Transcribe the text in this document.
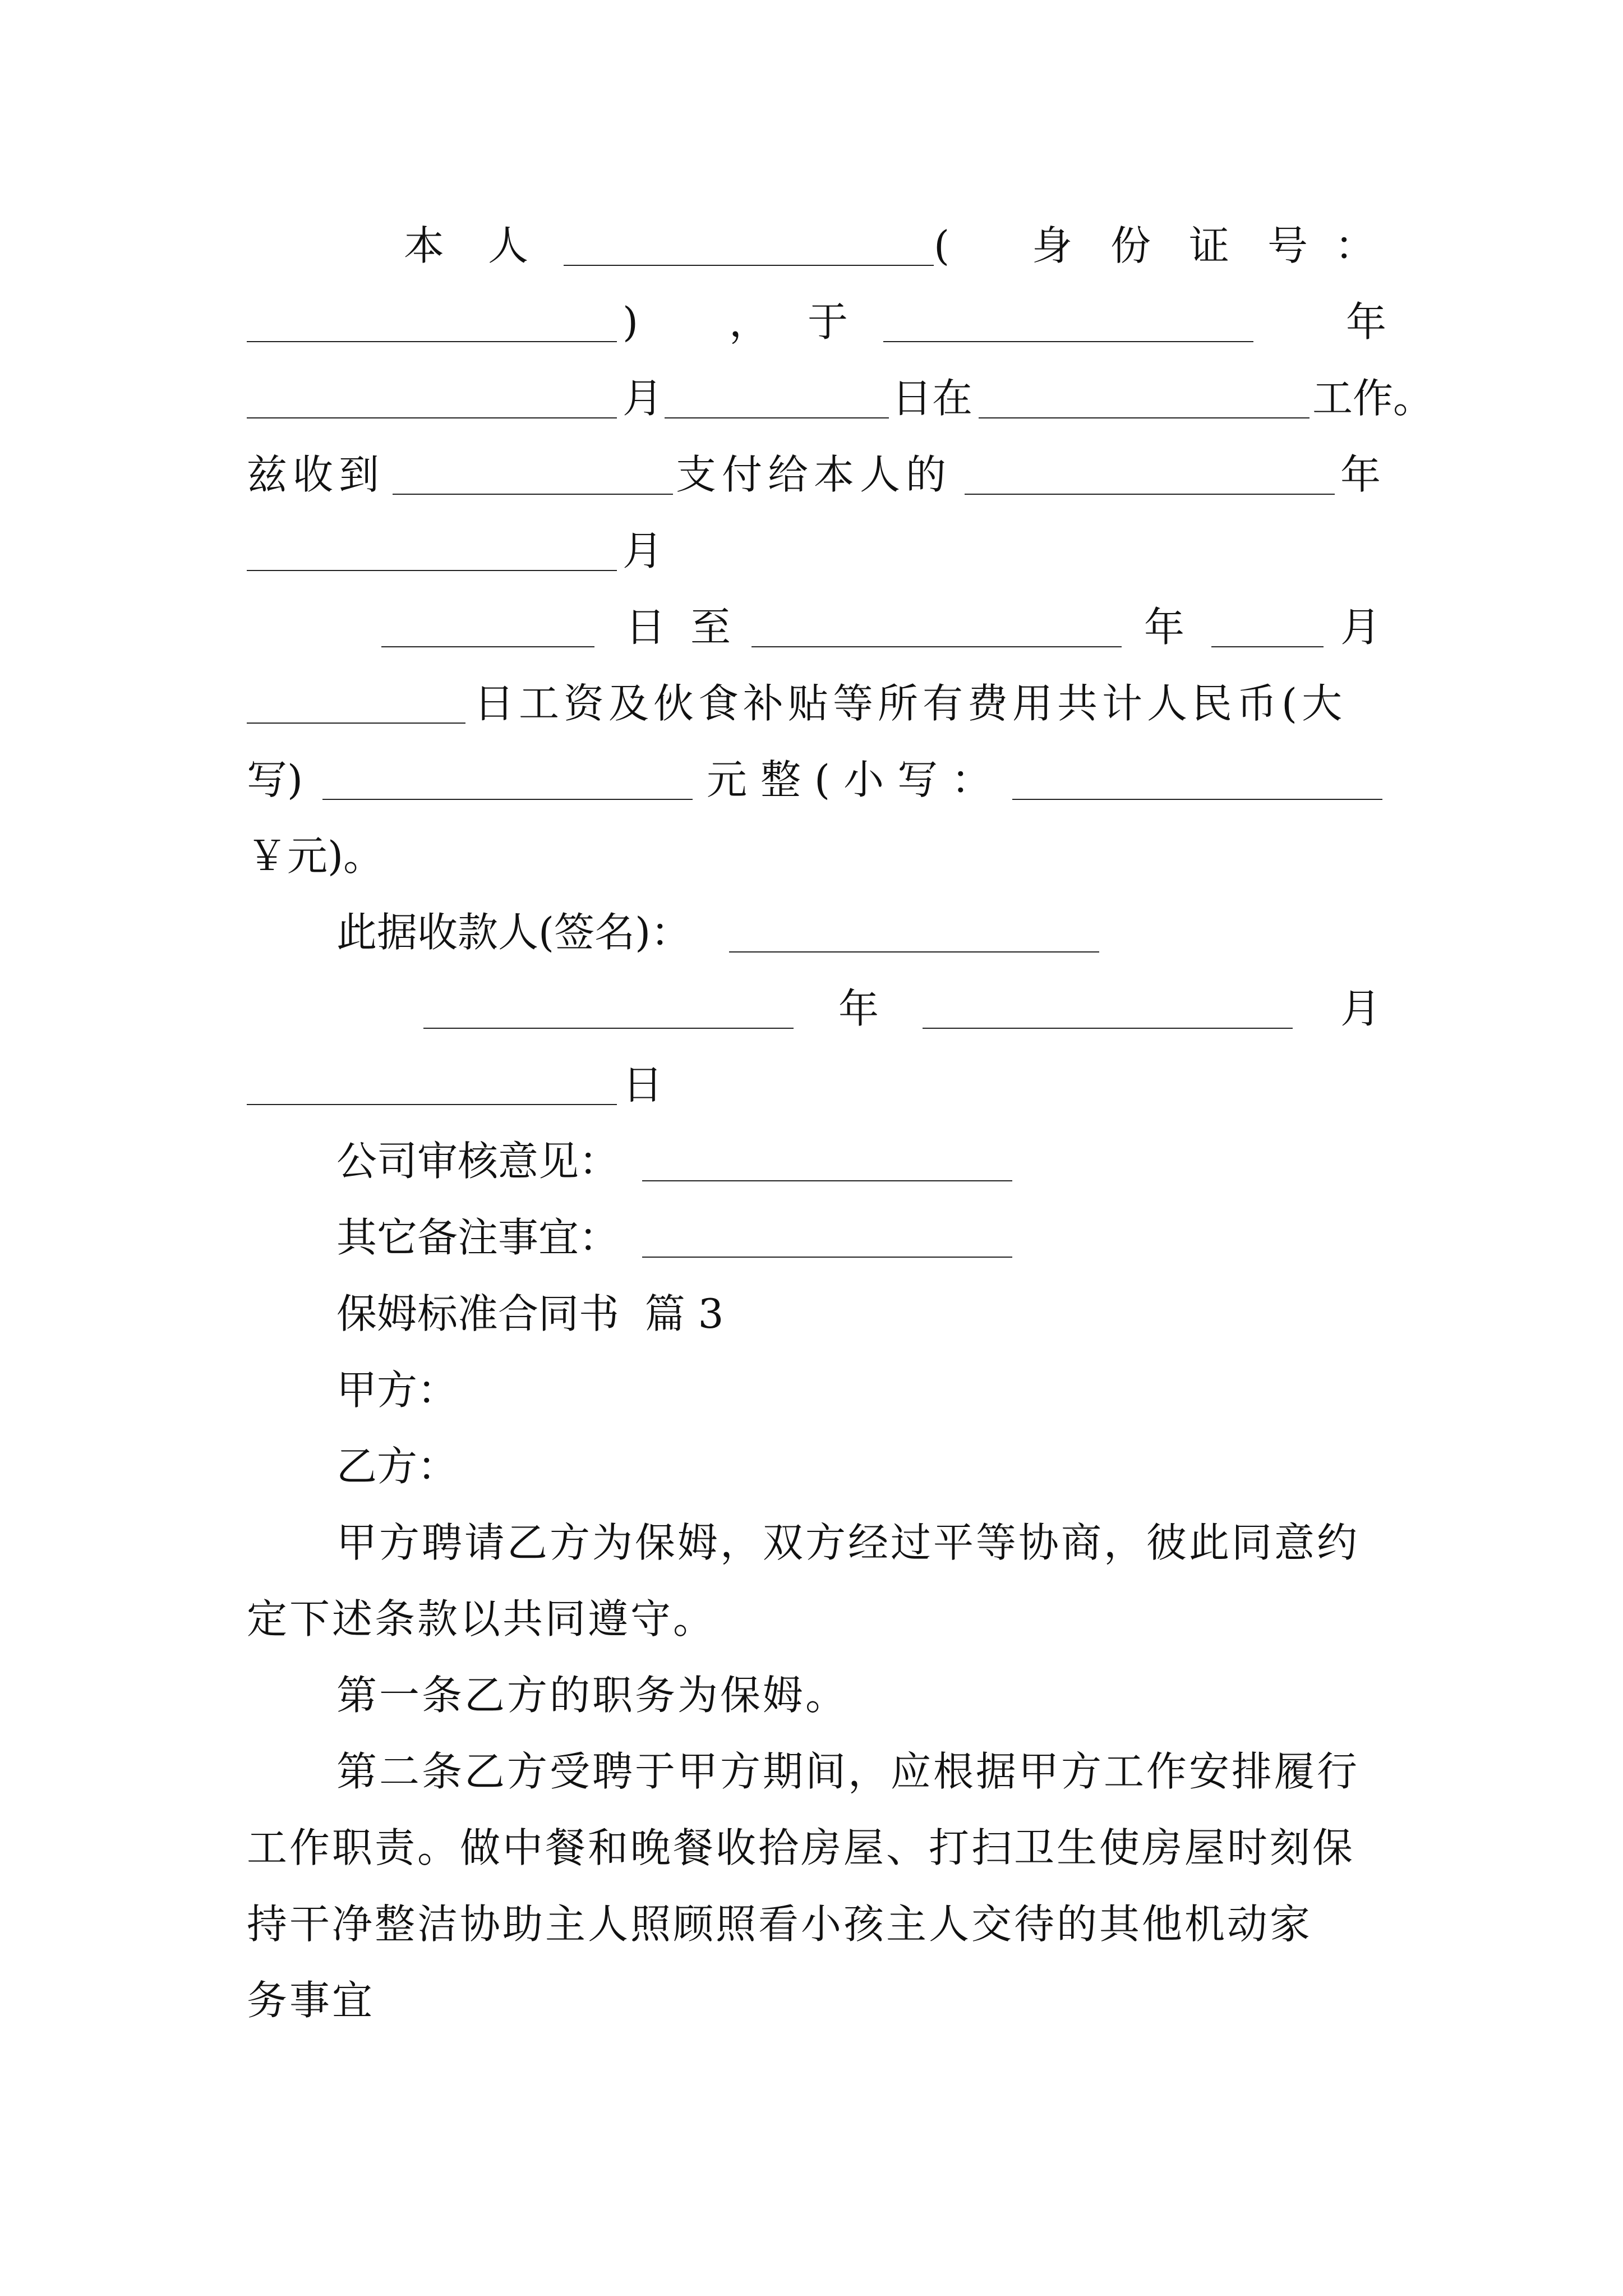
本 人	( 身 份 证 号 ：
) ， 于	年
月	日在	工作。
兹收到	支付给本人的	年
月
日至	年	月
日工资及伙食补贴等所有费用共计人民币(大
写)	元整(小写：
￥元)。
此据收款人(签名)：
年	月
日
公司审核意见：
其它备注事宜：
保姆标准合同书  篇 3
甲方：
乙方：
甲方聘请乙方为保姆，双方经过平等协商，彼此同意约
定下述条款以共同遵守。
第一条乙方的职务为保姆。
第二条乙方受聘于甲方期间，应根据甲方工作安排履行
工作职责。做中餐和晚餐收拾房屋、打扫卫生使房屋时刻保
持干净整洁协助主人照顾照看小孩主人交待的其他机动家
务事宜
